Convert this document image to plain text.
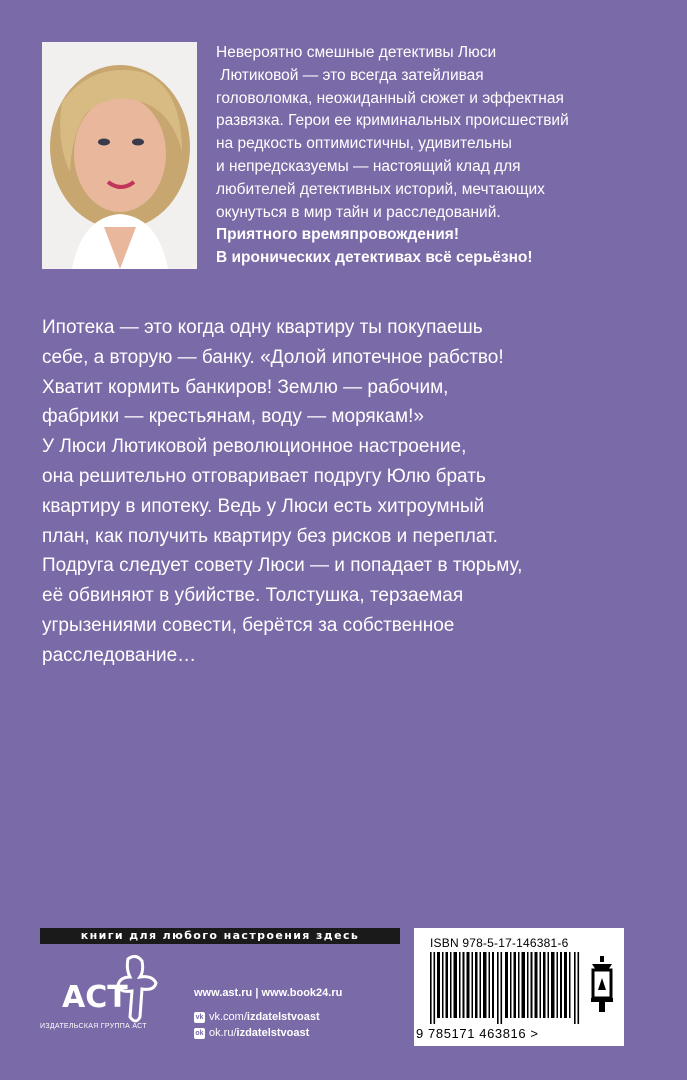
Невероятно смешные детективы Люси

Лютиковой — это всегда затейливая

головоломка, неожиданный сюжет и эффектная

развязка. Герои ее криминальных происшествий

на редкость оптимистичны, удивительны

и непредсказуемы — настоящий клад для

любителей детективных историй, мечтающих

окунуться в мир тайн и расследований.

Приятного времяпровождения!

В иронических детективах всё серьёзно!

Ипотека — это когда одну квартиру ты покупаешь

себе, а вторую — банку. «Долой ипотечное рабство!

Хватит кормить банкиров! Землю — рабочим,

фабрики — крестьянам, воду — морякам!»

У Люси Лютиковой революционное настроение,

она решительно отговаривает подругу Юлю брать

квартиру в ипотеку. Ведь у Люси есть хитроумный

план, как получить квартиру без рисков и переплат.

Подруга следует совету Люси — и попадает в тюрьму,

её обвиняют в убийстве. Толстушка, терзаемая

угрызениями совести, берётся за собственное

расследование…

книги для любого настроения здесь
ACT
ИЗДАТЕЛЬСКАЯ ГРУППА АСТ
www.ast.ru | www.book24.ru
vk vk.com/ izdatelstvoast
ok ok.ru/ izdatelstvoast
ISBN 978-5-17-146381-6
9 785171 463816 >
